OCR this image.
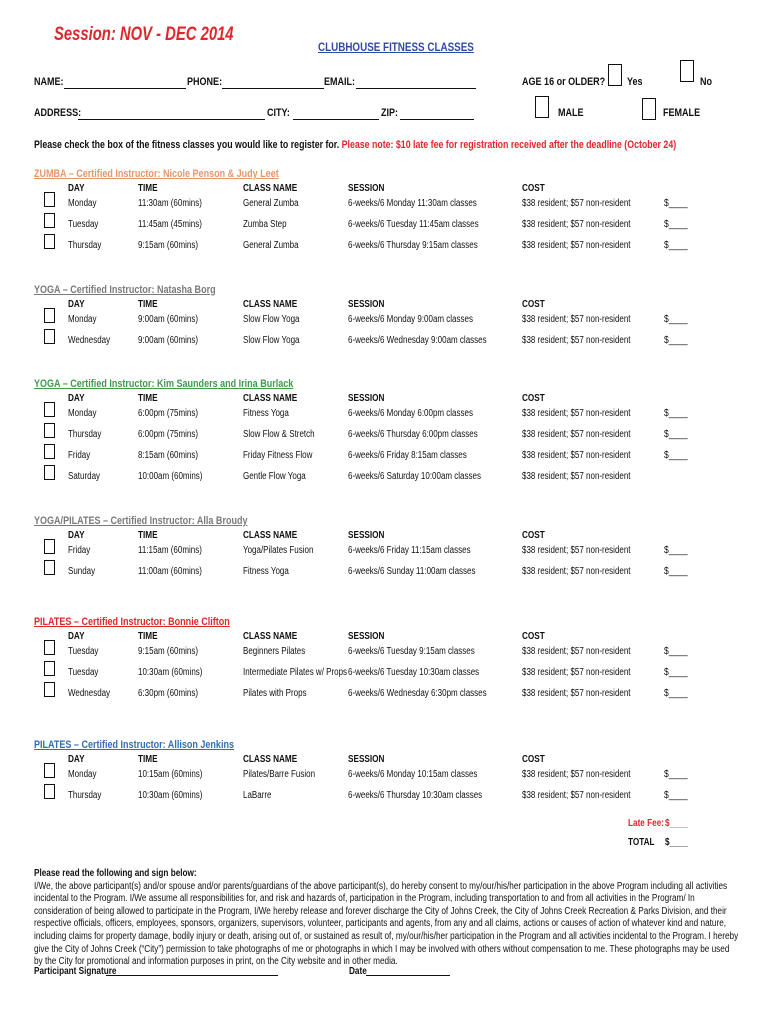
Session: NOV - DEC 2014
CLUBHOUSE FITNESS CLASSES
NAME:	PHONE:	EMAIL:	AGE 16 or OLDER? Yes	No
ADDRESS:	CITY:	ZIP:	MALE	FEMALE
Please check the box of the fitness classes you would like to register for. Please note: $10 late fee for registration received after the deadline (October 24)
ZUMBA – Certified Instructor: Nicole Penson & Judy Leet
DAY	TIME	CLASS NAME	SESSION	COST
Monday	11:30am (60mins)	General Zumba	6-weeks/6 Monday 11:30am classes	$38 resident; $57 non-resident	$____
Tuesday	11:45am (45mins)	Zumba Step	6-weeks/6 Tuesday 11:45am classes	$38 resident; $57 non-resident	$____
Thursday	9:15am (60mins)	General Zumba	6-weeks/6 Thursday 9:15am classes	$38 resident; $57 non-resident	$____
YOGA – Certified Instructor: Natasha Borg
DAY	TIME	CLASS NAME	SESSION	COST
Monday	9:00am (60mins)	Slow Flow Yoga	6-weeks/6 Monday 9:00am classes	$38 resident; $57 non-resident	$____
Wednesday	9:00am (60mins)	Slow Flow Yoga	6-weeks/6 Wednesday 9:00am classes	$38 resident; $57 non-resident	$____
YOGA – Certified Instructor: Kim Saunders and Irina Burlack
DAY	TIME	CLASS NAME	SESSION	COST
Monday	6:00pm (75mins)	Fitness Yoga	6-weeks/6 Monday 6:00pm classes	$38 resident; $57 non-resident	$____
Thursday	6:00pm (75mins)	Slow Flow & Stretch	6-weeks/6 Thursday 6:00pm classes	$38 resident; $57 non-resident	$____
Friday	8:15am (60mins)	Friday Fitness Flow	6-weeks/6 Friday 8:15am classes	$38 resident; $57 non-resident	$____
Saturday	10:00am (60mins)	Gentle Flow Yoga	6-weeks/6 Saturday 10:00am classes	$38 resident; $57 non-resident
YOGA/PILATES – Certified Instructor: Alla Broudy
DAY	TIME	CLASS NAME	SESSION	COST
Friday	11:15am (60mins)	Yoga/Pilates Fusion	6-weeks/6 Friday 11:15am classes	$38 resident; $57 non-resident	$____
Sunday	11:00am (60mins)	Fitness Yoga	6-weeks/6 Sunday 11:00am classes	$38 resident; $57 non-resident	$____
PILATES – Certified Instructor: Bonnie Clifton
DAY	TIME	CLASS NAME	SESSION	COST
Tuesday	9:15am (60mins)	Beginners Pilates	6-weeks/6 Tuesday 9:15am classes	$38 resident; $57 non-resident	$____
Tuesday	10:30am (60mins)	Intermediate Pilates w/ Props 6-weeks/6 Tuesday 10:30am classes	$38 resident; $57 non-resident	$____
Wednesday	6:30pm (60mins)	Pilates with Props	6-weeks/6 Wednesday 6:30pm classes	$38 resident; $57 non-resident	$____
PILATES – Certified Instructor: Allison Jenkins
DAY	TIME	CLASS NAME	SESSION	COST
Monday	10:15am (60mins)	Pilates/Barre Fusion	6-weeks/6 Monday 10:15am classes	$38 resident; $57 non-resident	$____
Thursday	10:30am (60mins)	LaBarre	6-weeks/6 Thursday 10:30am classes	$38 resident; $57 non-resident	$____
Late Fee: $____
TOTAL $____
Please read the following and sign below:
I/We, the above participant(s) and/or spouse and/or parents/guardians of the above participant(s), do hereby consent to my/our/his/her participation in the above Program including all activities incidental to the Program. I/We assume all responsibilities for, and risk and hazards of, participation in the Program, including transportation to and from all activities in the Program/ In consideration of being allowed to participate in the Program, I/We hereby release and forever discharge the City of Johns Creek, the City of Johns Creek Recreation & Parks Division, and their respective officials, officers, employees, sponsors, organizers, supervisors, volunteer, participants and agents, from any and all claims, actions or causes of action of whatever kind and nature, including claims for property damage, bodily injury or death, arising out of, or sustained as result of, my/our/his/her participation in the Program and all activities incidental to the Program. I hereby give the City of Johns Creek (“City”) permission to take photographs of me or photographs in which I may be involved with others without compensation to me. These photographs may be used by the City for promotional and information purposes in print, on the City website and in other media.
Participant Signature	Date
